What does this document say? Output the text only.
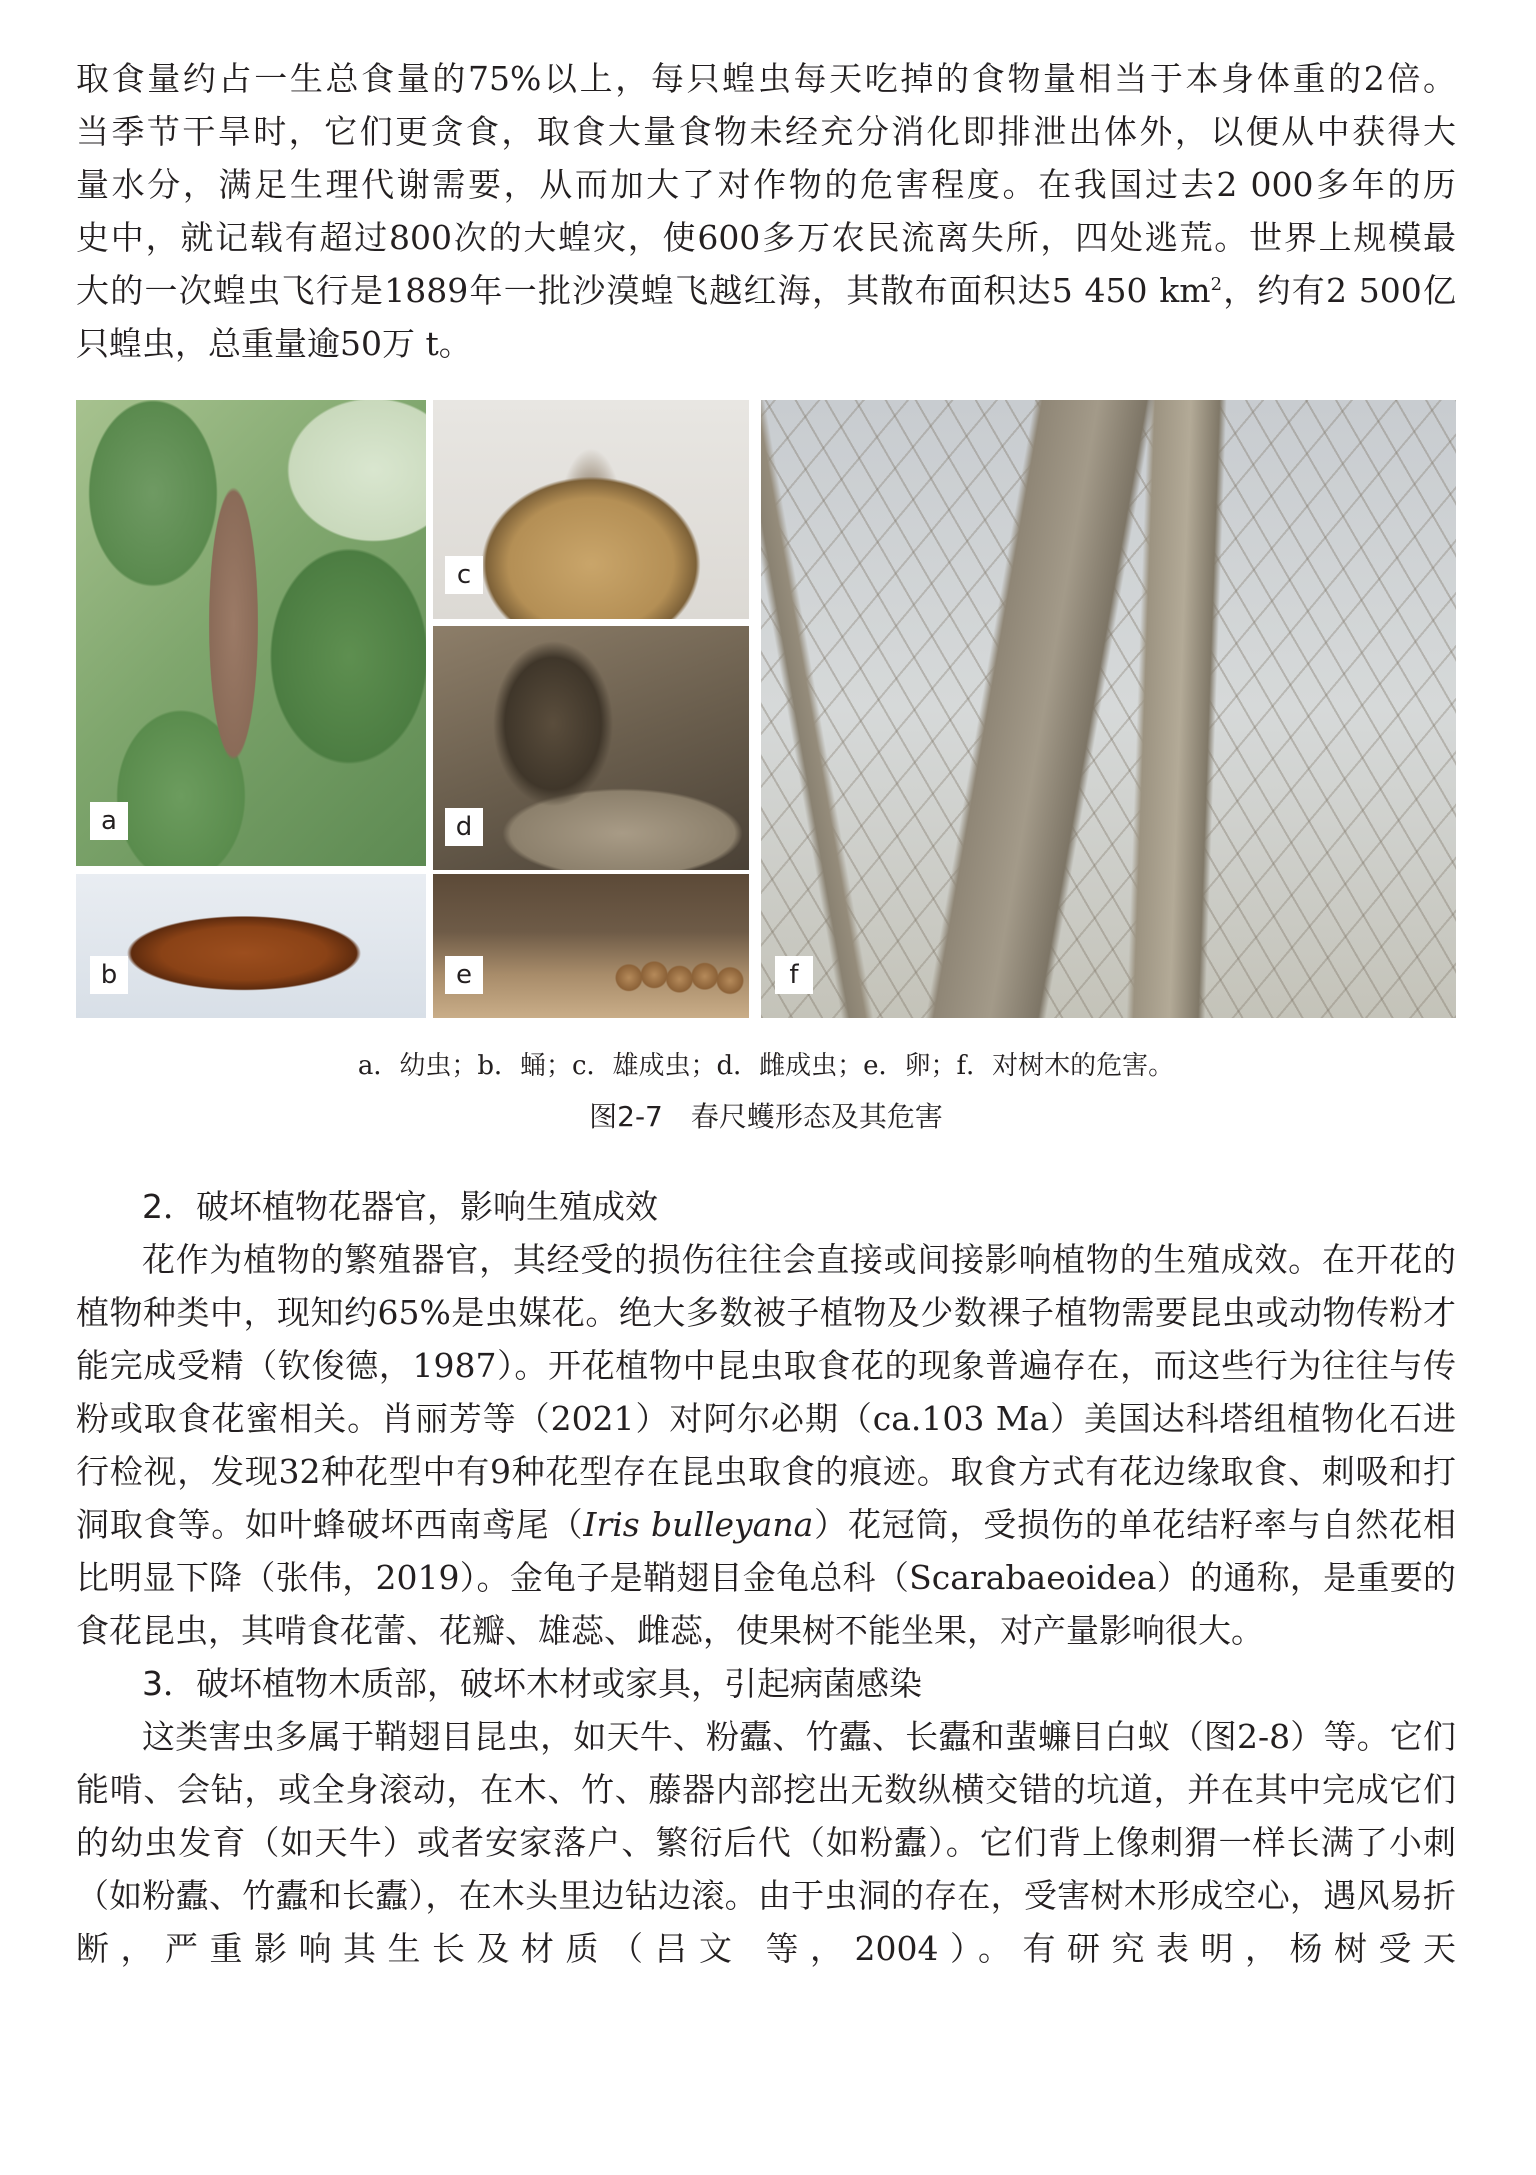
取食量约占一生总食量的75%以上，每只蝗虫每天吃掉的食物量相当于本身体重的2倍。

当季节干旱时，它们更贪食，取食大量食物未经充分消化即排泄出体外，以便从中获得大

量水分，满足生理代谢需要，从而加大了对作物的危害程度。在我国过去2 000多年的历

史中，就记载有超过800次的大蝗灾，使600多万农民流离失所，四处逃荒。世界上规模最

大的一次蝗虫飞行是1889年一批沙漠蝗飞越红海，其散布面积达5 450 $km^2$，约有2 500亿

只蝗虫，总重量逾50万 t。

a
b
c
d
e	f

a．幼虫；b．蛹；c．雄成虫；d．雌成虫；e．卵；f．对树木的危害。

图2-7 春尺蠖形态及其危害

2．破坏植物花器官，影响生殖成效

花作为植物的繁殖器官，其经受的损伤往往会直接或间接影响植物的生殖成效。在开花的植物种类中，现知约65%是虫媒花。绝大多数被子植物及少数裸子植物需要昆虫或动物传粉才能完成受精（钦俊德，1987）。开花植物中昆虫取食花的现象普遍存在，而这些行为往往与传粉或取食花蜜相关。肖丽芳等（2021）对阿尔必期（ca.103 Ma）美国达科塔组植物化石进行检视，发现32种花型中有9种花型存在昆虫取食的痕迹。取食方式有花边缘取食、刺吸和打洞取食等。如叶蜂破坏西南鸢尾（Iris bulleyana）花冠筒，受损伤的单花结籽率与自然花相比明显下降（张伟，2019）。金龟子是鞘翅目金龟总科（Scarabaeoidea）的通称，是重要的食花昆虫，其啃食花蕾、花瓣、雄蕊、雌蕊，使果树不能坐果，对产量影响很大。

3．破坏植物木质部，破坏木材或家具，引起病菌感染

这类害虫多属于鞘翅目昆虫，如天牛、粉蠹、竹蠹、长蠹和蜚蠊目白蚁（图2-8）等。它们能啃、会钻，或全身滚动，在木、竹、藤器内部挖出无数纵横交错的坑道，并在其中完成它们的幼虫发育（如天牛）或者安家落户、繁衍后代（如粉蠹）。它们背上像刺猬一样长满了小刺（如粉蠹、竹蠹和长蠹），在木头里边钻边滚。由于虫洞的存在，受害树木形成空心，遇风易折断，严重影响其生长及材质（吕文 等，2004）。有研究表明，杨树受天
